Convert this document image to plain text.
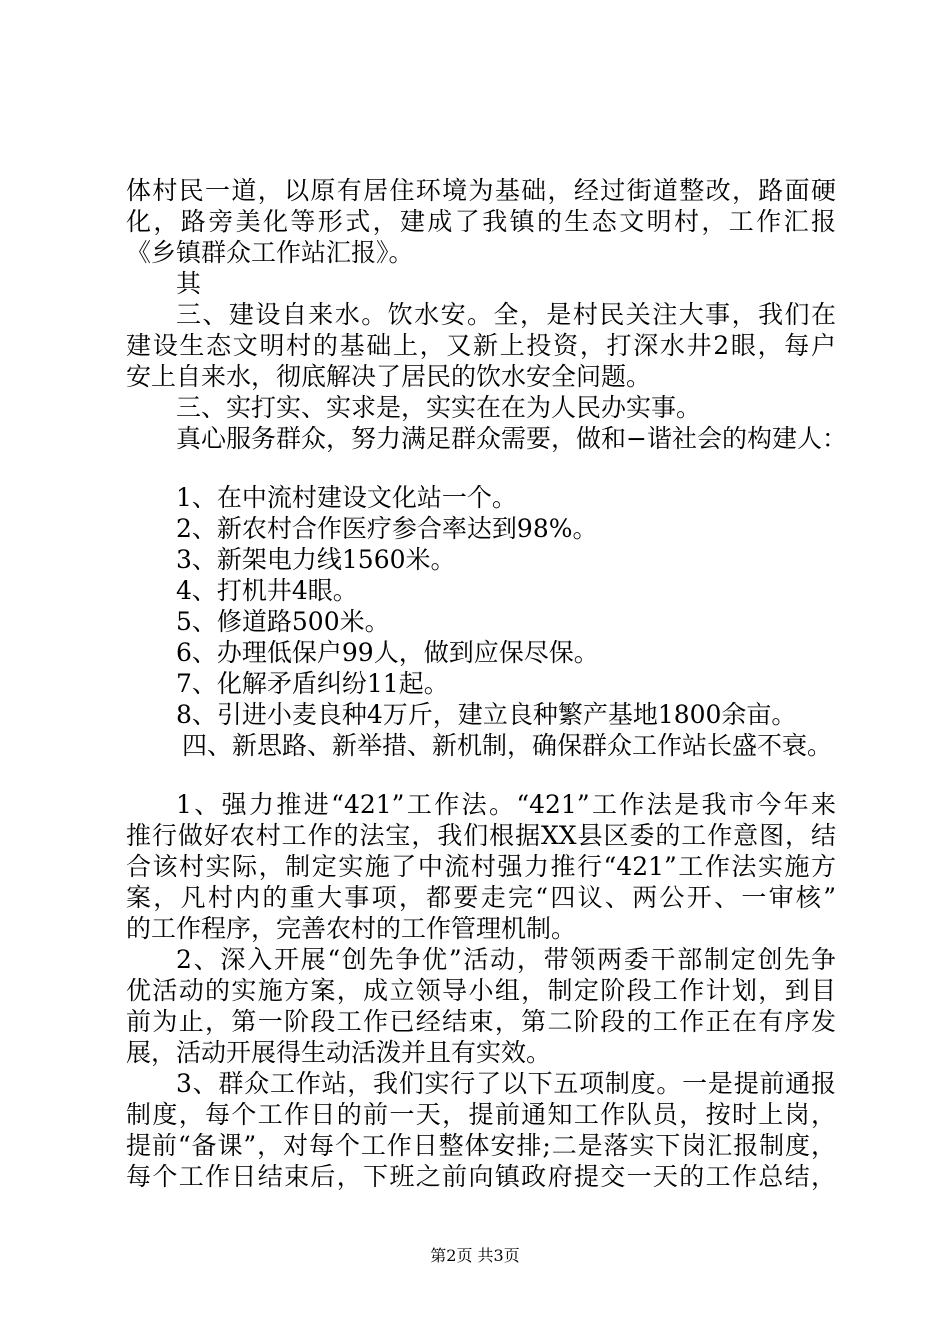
体村民一道，以原有居住环境为基础，经过街道整改，路面硬
化，路旁美化等形式，建成了我镇的生态文明村，工作汇报
《乡镇群众工作站汇报》。
其
三、建设自来水。饮水安。全，是村民关注大事，我们在
建设生态文明村的基础上，又新上投资，打深水井2眼，每户
安上自来水，彻底解决了居民的饮水安全问题。
三、实打实、实求是，实实在在为人民办实事。
真心服务群众，努力满足群众需要，做和−谐社会的构建人：
1、在中流村建设文化站一个。
2、新农村合作医疗参合率达到98%。
3、新架电力线1560米。
4、打机井4眼。
5、修道路500米。
6、办理低保户99人，做到应保尽保。
7、化解矛盾纠纷11起。
8、引进小麦良种4万斤，建立良种繁产基地1800余亩。
四、新思路、新举措、新机制，确保群众工作站长盛不衰。
1、强力推进“421”工作法。“421”工作法是我市今年来
推行做好农村工作的法宝，我们根据XX县区委的工作意图，结
合该村实际，制定实施了中流村强力推行“421”工作法实施方
案，凡村内的重大事项，都要走完“四议、两公开、一审核”
的工作程序，完善农村的工作管理机制。
2、深入开展“创先争优”活动，带领两委干部制定创先争
优活动的实施方案，成立领导小组，制定阶段工作计划，到目
前为止，第一阶段工作已经结束，第二阶段的工作正在有序发
展，活动开展得生动活泼并且有实效。
3、群众工作站，我们实行了以下五项制度。一是提前通报
制度，每个工作日的前一天，提前通知工作队员，按时上岗，
提前“备课”，对每个工作日整体安排;二是落实下岗汇报制度，
每个工作日结束后，下班之前向镇政府提交一天的工作总结，
第2页 共3页
